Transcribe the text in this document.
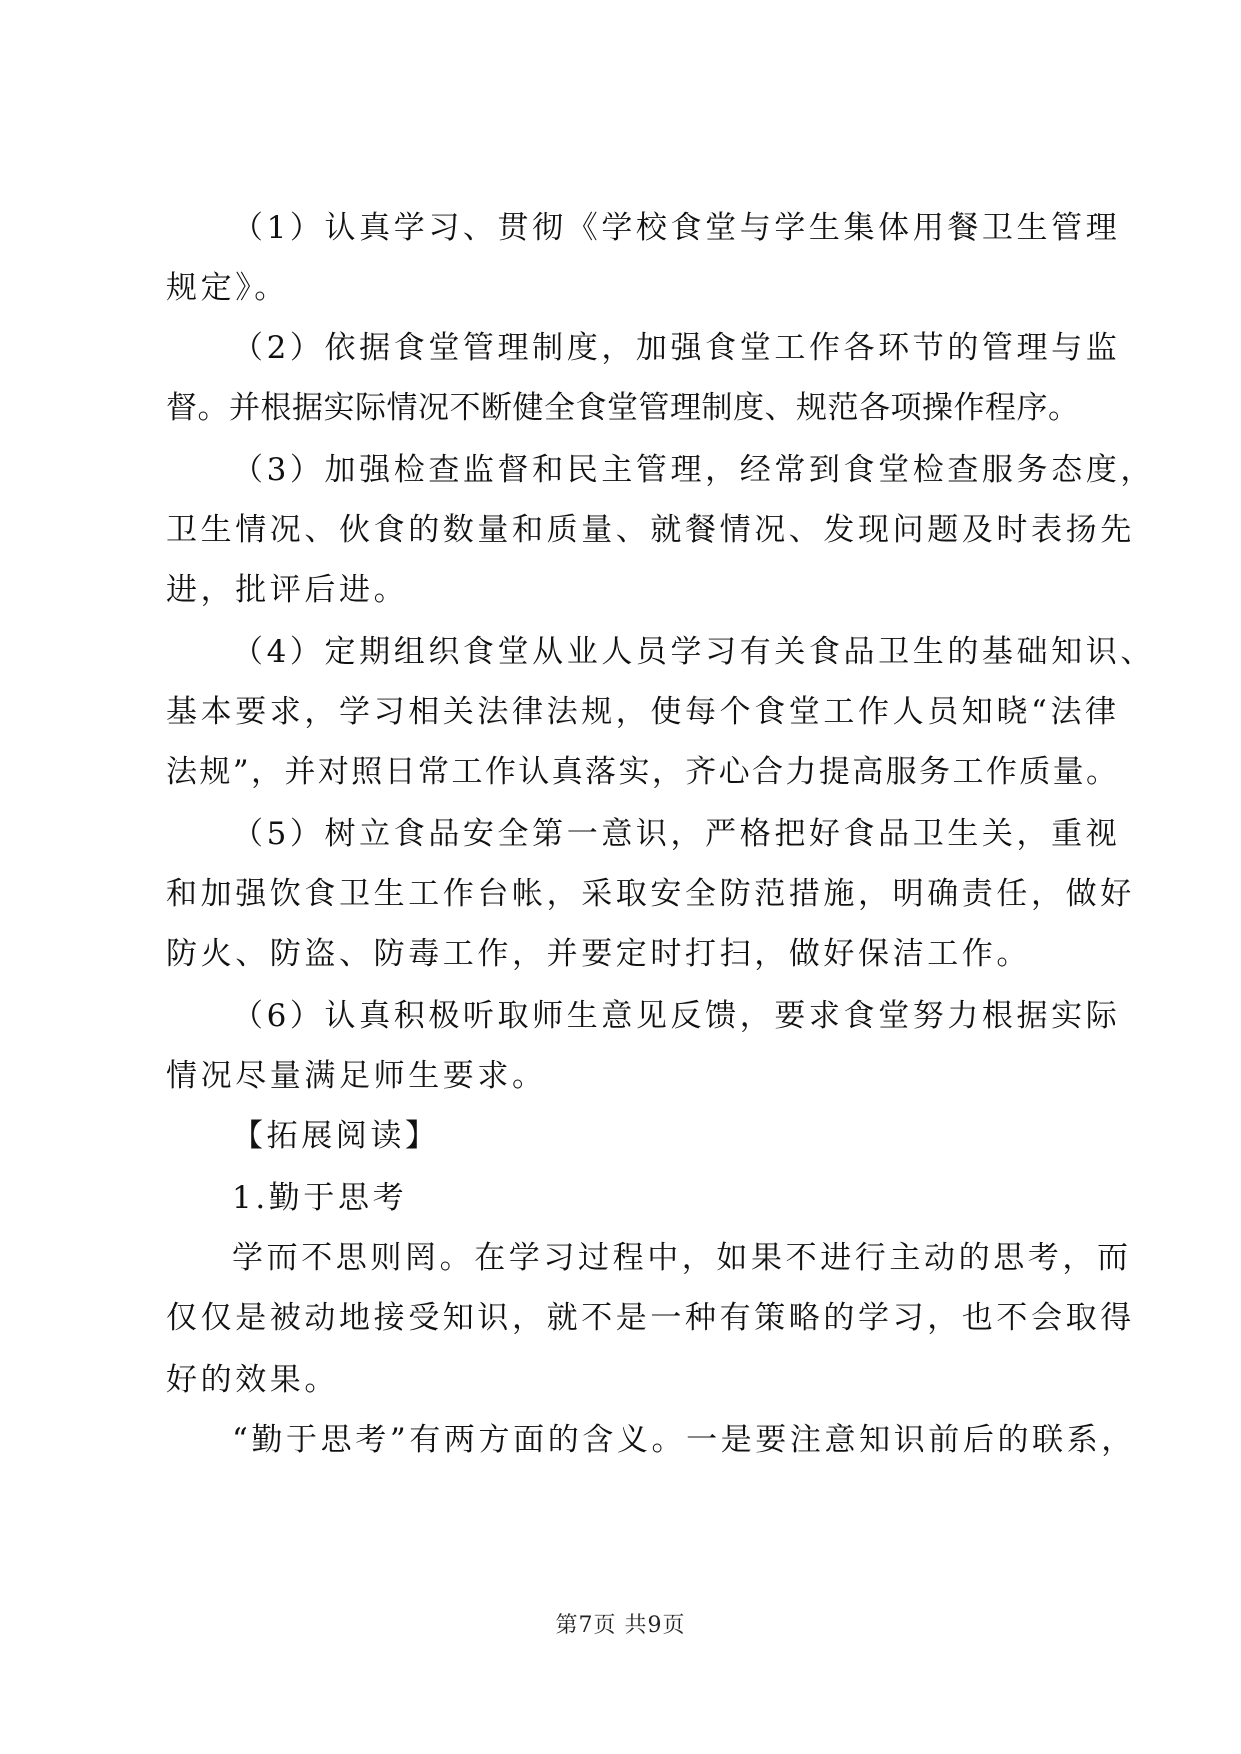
（1）认真学习、贯彻《学校食堂与学生集体用餐卫生管理
规定》。
（2）依据食堂管理制度，加强食堂工作各环节的管理与监
督。并根据实际情况不断健全食堂管理制度、规范各项操作程序。
（3）加强检查监督和民主管理，经常到食堂检查服务态度，
卫生情况、伙食的数量和质量、就餐情况、发现问题及时表扬先
进，批评后进。
（4）定期组织食堂从业人员学习有关食品卫生的基础知识、
基本要求，学习相关法律法规，使每个食堂工作人员知晓“法律
法规”，并对照日常工作认真落实，齐心合力提高服务工作质量。
（5）树立食品安全第一意识，严格把好食品卫生关，重视
和加强饮食卫生工作台帐，采取安全防范措施，明确责任，做好
防火、防盗、防毒工作，并要定时打扫，做好保洁工作。
（6）认真积极听取师生意见反馈，要求食堂努力根据实际
情况尽量满足师生要求。
【拓展阅读】
1.勤于思考
学而不思则罔。在学习过程中，如果不进行主动的思考，而
仅仅是被动地接受知识，就不是一种有策略的学习，也不会取得
好的效果。
“勤于思考”有两方面的含义。一是要注意知识前后的联系，
第7页 共9页
